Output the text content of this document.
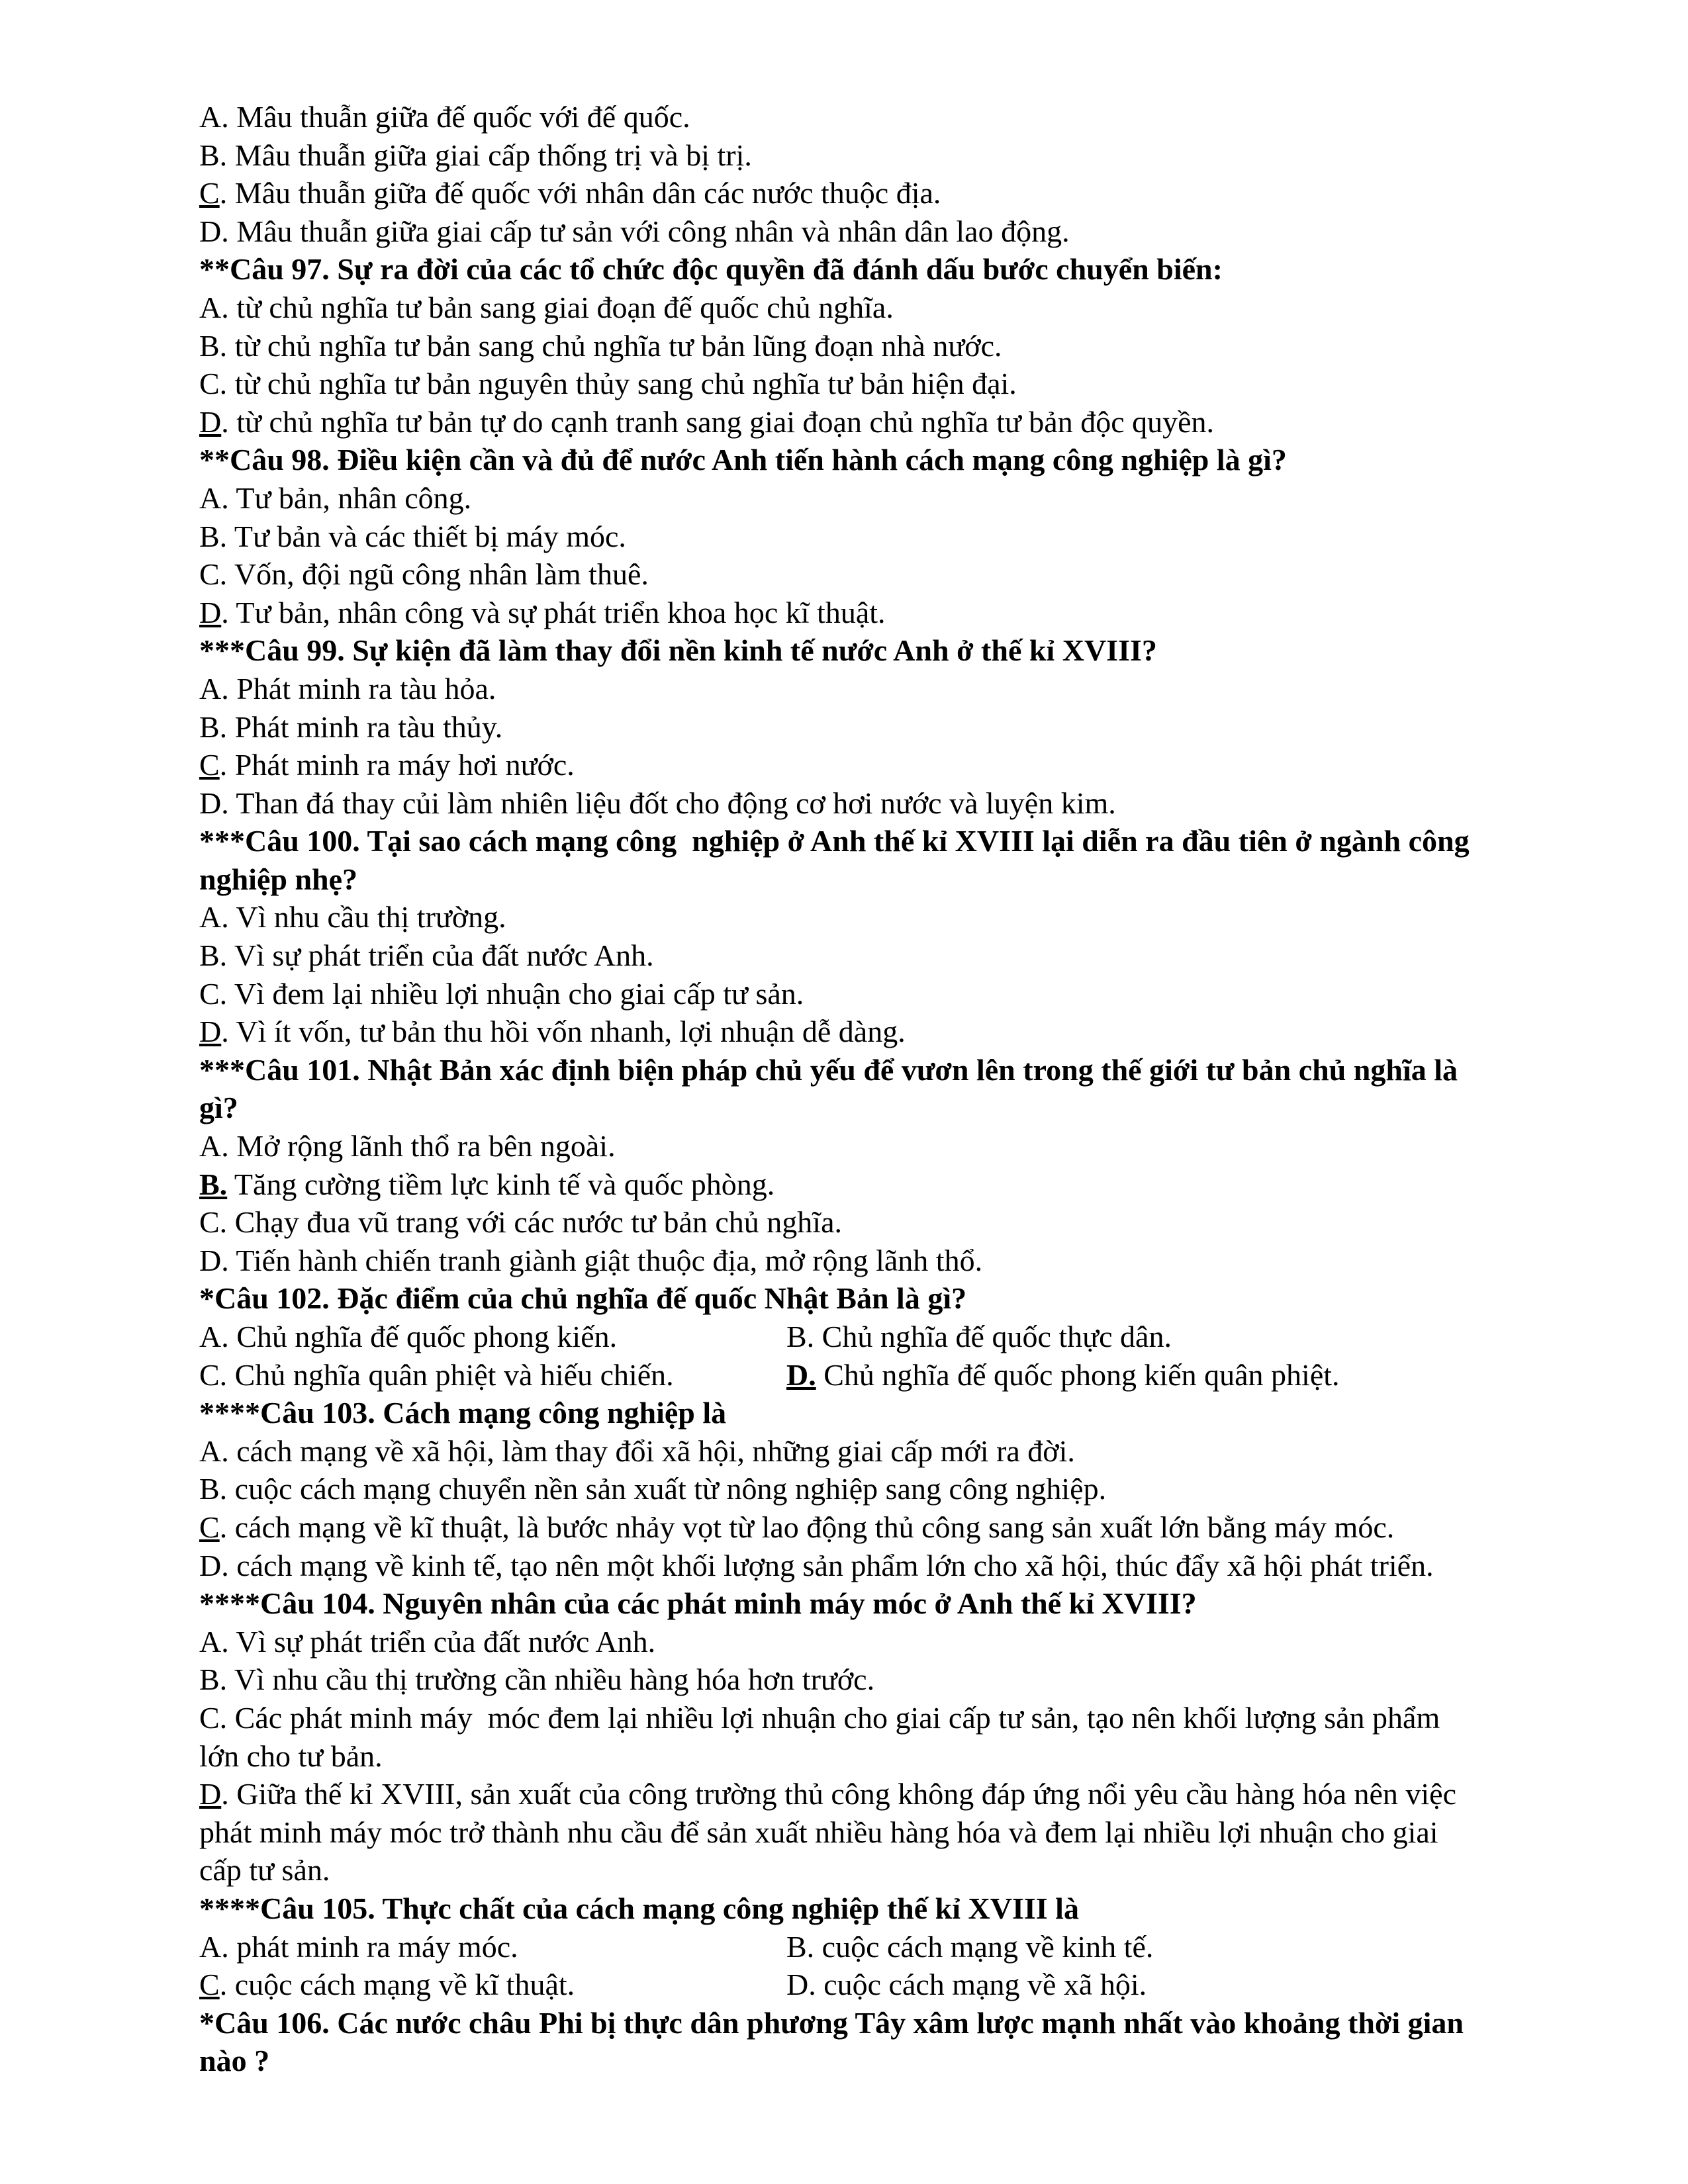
A. Mâu thuẫn giữa đế quốc với đế quốc.

B. Mâu thuẫn giữa giai cấp thống trị và bị trị.

C. Mâu thuẫn giữa đế quốc với nhân dân các nước thuộc địa.

D. Mâu thuẫn giữa giai cấp tư sản với công nhân và nhân dân lao động.

**Câu 97. Sự ra đời của các tổ chức độc quyền đã đánh dấu bước chuyển biến:

A. từ chủ nghĩa tư bản sang giai đoạn đế quốc chủ nghĩa.

B. từ chủ nghĩa tư bản sang chủ nghĩa tư bản lũng đoạn nhà nước.

C. từ chủ nghĩa tư bản nguyên thủy sang chủ nghĩa tư bản hiện đại.

D. từ chủ nghĩa tư bản tự do cạnh tranh sang giai đoạn chủ nghĩa tư bản độc quyền.

**Câu 98. Điều kiện cần và đủ để nước Anh tiến hành cách mạng công nghiệp là gì?

A. Tư bản, nhân công.

B. Tư bản và các thiết bị máy móc.

C. Vốn, đội ngũ công nhân làm thuê.

D. Tư bản, nhân công và sự phát triển khoa học kĩ thuật.

***Câu 99. Sự kiện đã làm thay đổi nền kinh tế nước Anh ở thế kỉ XVIII?

A. Phát minh ra tàu hỏa.

B. Phát minh ra tàu thủy.

C. Phát minh ra máy hơi nước.

D. Than đá thay củi làm nhiên liệu đốt cho động cơ hơi nước và luyện kim.

***Câu 100. Tại sao cách mạng công  nghiệp ở Anh thế kỉ XVIII lại diễn ra đầu tiên ở ngành công

nghiệp nhẹ?

A. Vì nhu cầu thị trường.

B. Vì sự phát triển của đất nước Anh.

C. Vì đem lại nhiều lợi nhuận cho giai cấp tư sản.

D. Vì ít vốn, tư bản thu hồi vốn nhanh, lợi nhuận dễ dàng.

***Câu 101. Nhật Bản xác định biện pháp chủ yếu để vươn lên trong thế giới tư bản chủ nghĩa là

gì?

A. Mở rộng lãnh thổ ra bên ngoài.

B. Tăng cường tiềm lực kinh tế và quốc phòng.

C. Chạy đua vũ trang với các nước tư bản chủ nghĩa.

D. Tiến hành chiến tranh giành giật thuộc địa, mở rộng lãnh thổ.

*Câu 102. Đặc điểm của chủ nghĩa đế quốc Nhật Bản là gì?

A. Chủ nghĩa đế quốc phong kiến.	B. Chủ nghĩa đế quốc thực dân.
C. Chủ nghĩa quân phiệt và hiếu chiến.	D. Chủ nghĩa đế quốc phong kiến quân phiệt.

****Câu 103. Cách mạng công nghiệp là

A. cách mạng về xã hội, làm thay đổi xã hội, những giai cấp mới ra đời.

B. cuộc cách mạng chuyển nền sản xuất từ nông nghiệp sang công nghiệp.

C. cách mạng về kĩ thuật, là bước nhảy vọt từ lao động thủ công sang sản xuất lớn bằng máy móc.

D. cách mạng về kinh tế, tạo nên một khối lượng sản phẩm lớn cho xã hội, thúc đẩy xã hội phát triển.

****Câu 104. Nguyên nhân của các phát minh máy móc ở Anh thế kỉ XVIII?

A. Vì sự phát triển của đất nước Anh.

B. Vì nhu cầu thị trường cần nhiều hàng hóa hơn trước.

C. Các phát minh máy  móc đem lại nhiều lợi nhuận cho giai cấp tư sản, tạo nên khối lượng sản phẩm

lớn cho tư bản.

D. Giữa thế kỉ XVIII, sản xuất của công trường thủ công không đáp ứng nổi yêu cầu hàng hóa nên việc

phát minh máy móc trở thành nhu cầu để sản xuất nhiều hàng hóa và đem lại nhiều lợi nhuận cho giai

cấp tư sản.

****Câu 105. Thực chất của cách mạng công nghiệp thế kỉ XVIII là

A. phát minh ra máy móc.	B. cuộc cách mạng về kinh tế.
C. cuộc cách mạng về kĩ thuật.	D. cuộc cách mạng về xã hội.

*Câu 106. Các nước châu Phi bị thực dân phương Tây xâm lược mạnh nhất vào khoảng thời gian

nào ?
